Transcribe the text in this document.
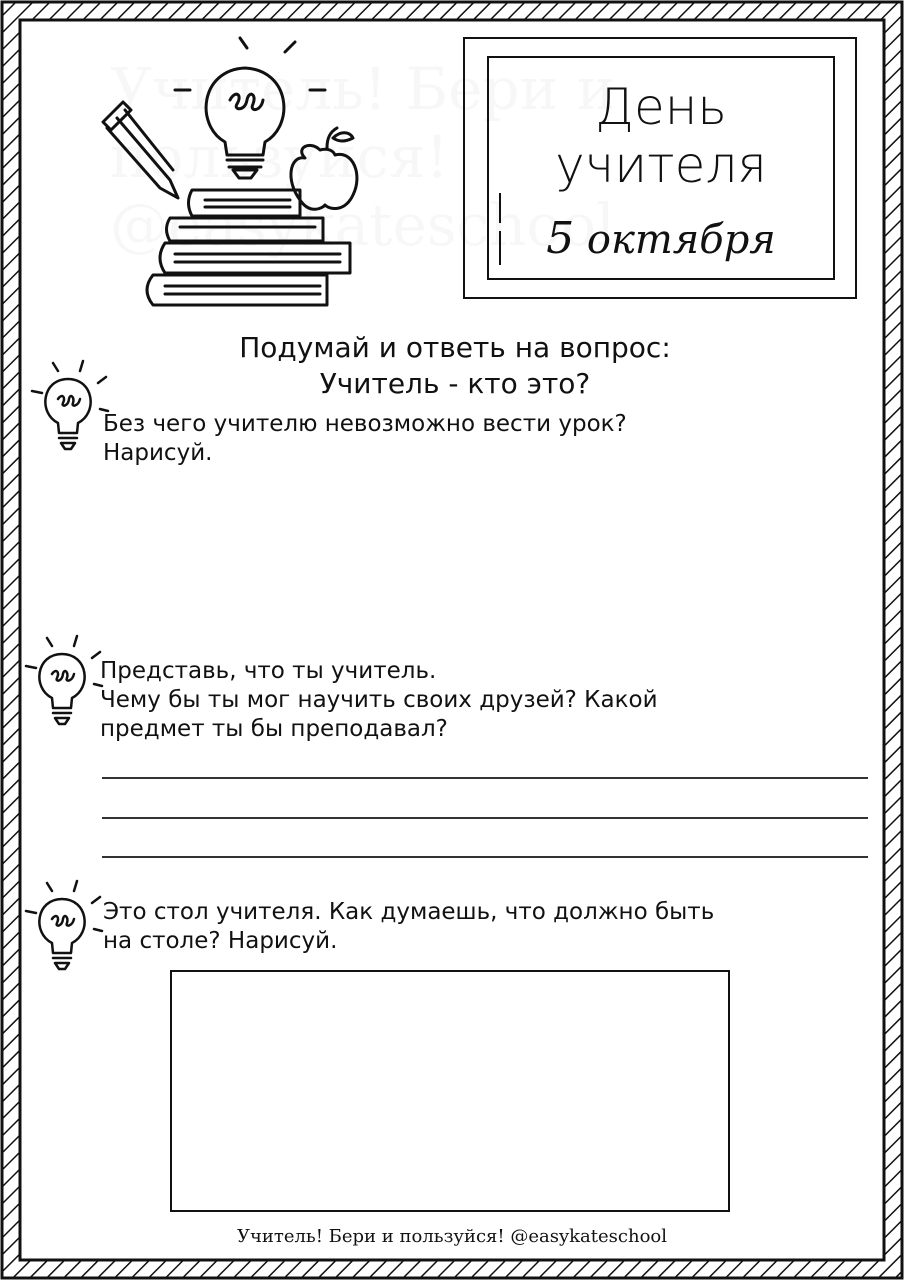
День
учителя
5 октября
Подумай и ответь на вопрос:
Учитель - кто это?
Без чего учителю невозможно вести урок?
Нарисуй.
Представь, что ты учитель.
Чему бы ты мог научить своих друзей? Какой
предмет ты бы преподавал?
Это стол учителя. Как думаешь, что должно быть
на столе? Нарисуй.
Учитель! Бери и пользуйся! @easykateschool
